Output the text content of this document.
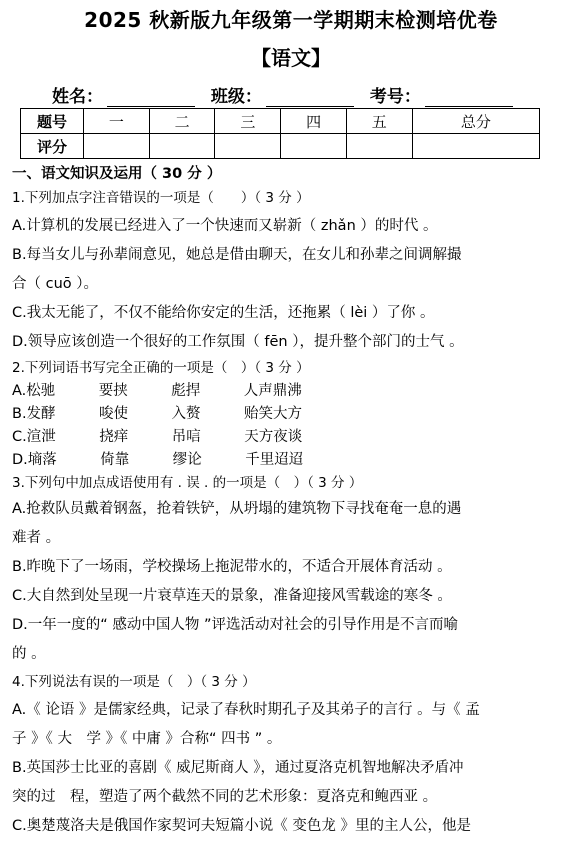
2025 秋新版九年级第一学期期末检测培优卷
【语文】
姓名：	班级：	考号：
题号	一	二	三	四	五	总分
评分						
一、语文知识及运用（ 30 分 ）
1.下列加点字注音错误的一项是（　　）（ 3 分 ）
A.计算机的发展已经进入了一个快速而又崭新（ zhǎn ）的时代 。
B.每当女儿与孙辈闹意见，她总是借由聊天，在女儿和孙辈之间调解撮
合（ cuō ）。
C.我太无能了，不仅不能给你安定的生活，还拖累（ lèi ）了你 。
D.领导应该创造一个很好的工作氛围（ fēn ），提升整个部门的士气 。
2.下列词语书写完全正确的一项是（　）（ 3 分 ）
A.松驰　　　要挟　　　彪捍　　　人声鼎沸
B.发酵　　　唆使　　　入赘　　　贻笑大方
C.渲泄　　　挠痒　　　吊唁　　　天方夜谈
D.墒落　　　倚靠　　　缪论　　　千里迢迢
3.下列句中加点成语使用有 . 误 . 的一项是（　）（ 3 分 ）
A.抢救队员戴着钢盔，抢着铁铲，从坍塌的建筑物下寻找奄奄一息的遇
难者 。
B.昨晚下了一场雨，学校操场上拖泥带水的，不适合开展体育活动 。
C.大自然到处呈现一片衰草连天的景象，准备迎接风雪载途的寒冬 。
D.一年一度的“ 感动中国人物 ”评选活动对社会的引导作用是不言而喻
的 。
4.下列说法有误的一项是（　）（ 3 分 ）
A.《 论语 》是儒家经典，记录了春秋时期孔子及其弟子的言行 。与《 孟
子 》《 大　学 》《 中庸 》合称“ 四书 ” 。
B.英国莎士比亚的喜剧《 威尼斯商人 》，通过夏洛克机智地解决矛盾冲
突的过　程，塑造了两个截然不同的艺术形象：夏洛克和鲍西亚 。
C.奥楚蔑洛夫是俄国作家契诃夫短篇小说《 变色龙 》里的主人公，他是
